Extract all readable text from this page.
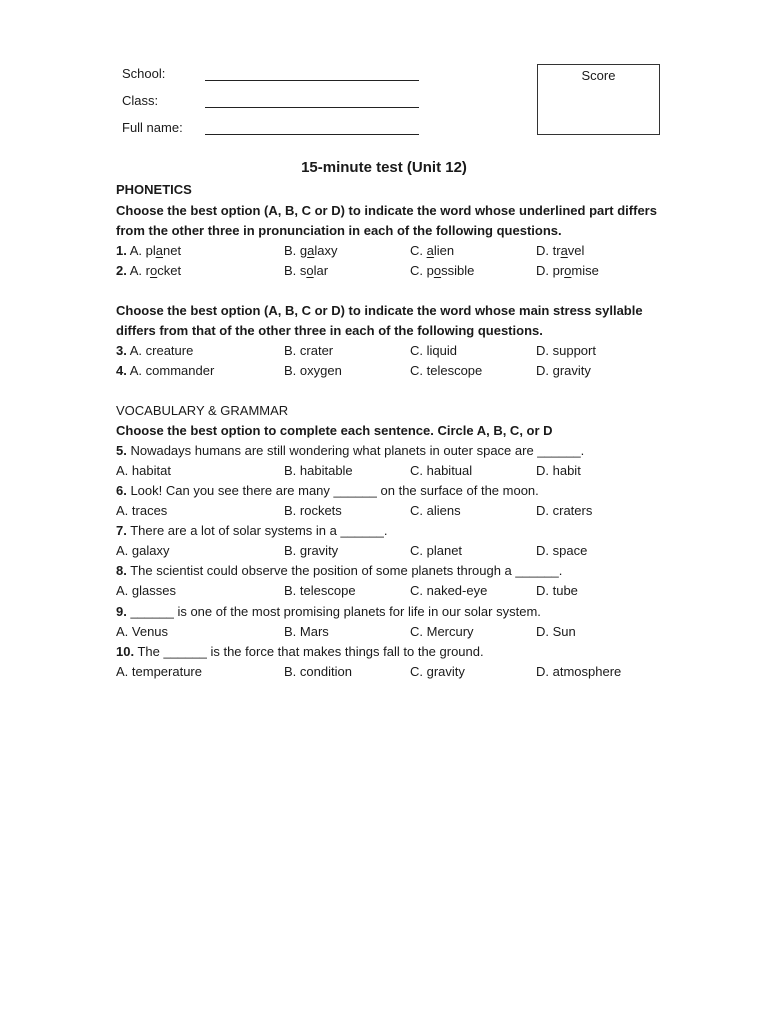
School:
Class:
Full name:
Score
15-minute test (Unit 12)
PHONETICS
Choose the best option (A, B, C or D) to indicate the word whose underlined part differs
from the other three in pronunciation in each of the following questions.
1. A. planet	B. galaxy	C. alien	D. travel
2. A. rocket	B. solar	C. possible	D. promise
Choose the best option (A, B, C or D) to indicate the word whose main stress syllable
differs from that of the other three in each of the following questions.
3. A. creature	B. crater	C. liquid	D. support
4. A. commander	B. oxygen	C. telescope	D. gravity
VOCABULARY & GRAMMAR
Choose the best option to complete each sentence. Circle A, B, C, or D
5. Nowadays humans are still wondering what planets in outer space are ______.
A. habitat	B. habitable	C. habitual	D. habit
6. Look! Can you see there are many ______ on the surface of the moon.
A. traces	B. rockets	C. aliens	D. craters
7. There are a lot of solar systems in a ______.
A. galaxy	B. gravity	C. planet	D. space
8. The scientist could observe the position of some planets through a ______.
A. glasses	B. telescope	C. naked-eye	D. tube
9. ______ is one of the most promising planets for life in our solar system.
A. Venus	B. Mars	C. Mercury	D. Sun
10. The ______ is the force that makes things fall to the ground.
A. temperature	B. condition	C. gravity	D. atmosphere
